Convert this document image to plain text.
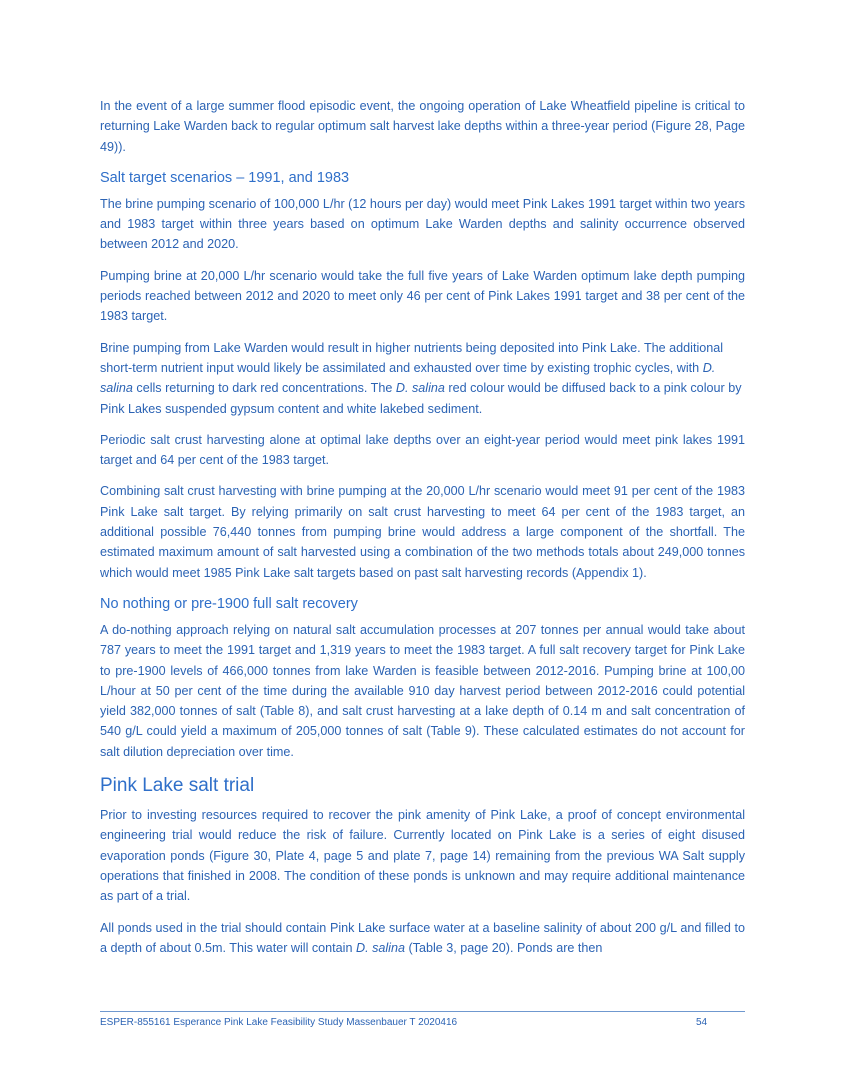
In the event of a large summer flood episodic event, the ongoing operation of Lake Wheatfield pipeline is critical to returning Lake Warden back to regular optimum salt harvest lake depths within a three-year period (Figure 28, Page 49)).

Salt target scenarios – 1991, and 1983

The brine pumping scenario of 100,000 L/hr (12 hours per day) would meet Pink Lakes 1991 target within two years and 1983 target within three years based on optimum Lake Warden depths and salinity occurrence observed between 2012 and 2020.

Pumping brine at 20,000 L/hr scenario would take the full five years of Lake Warden optimum lake depth pumping periods reached between 2012 and 2020 to meet only 46 per cent of Pink Lakes 1991 target and 38 per cent of the 1983 target.

Brine pumping from Lake Warden would result in higher nutrients being deposited into Pink Lake. The additional short-term nutrient input would likely be assimilated and exhausted over time by existing trophic cycles, with D. salina cells returning to dark red concentrations. The D. salina red colour would be diffused back to a pink colour by Pink Lakes suspended gypsum content and white lakebed sediment.

Periodic salt crust harvesting alone at optimal lake depths over an eight-year period would meet pink lakes 1991 target and 64 per cent of the 1983 target.

Combining salt crust harvesting with brine pumping at the 20,000 L/hr scenario would meet 91 per cent of the 1983 Pink Lake salt target. By relying primarily on salt crust harvesting to meet 64 per cent of the 1983 target, an additional possible 76,440 tonnes from pumping brine would address a large component of the shortfall. The estimated maximum amount of salt harvested using a combination of the two methods totals about 249,000 tonnes which would meet 1985 Pink Lake salt targets based on past salt harvesting records (Appendix 1).

No nothing or pre-1900 full salt recovery

A do-nothing approach relying on natural salt accumulation processes at 207 tonnes per annual would take about 787 years to meet the 1991 target and 1,319 years to meet the 1983 target. A full salt recovery target for Pink Lake to pre-1900 levels of 466,000 tonnes from lake Warden is feasible between 2012-2016. Pumping brine at 100,00 L/hour at 50 per cent of the time during the available 910 day harvest period between 2012-2016 could potential yield 382,000 tonnes of salt (Table 8), and salt crust harvesting at a lake depth of 0.14 m and salt concentration of 540 g/L could yield a maximum of 205,000 tonnes of salt (Table 9). These calculated estimates do not account for salt dilution depreciation over time.

Pink Lake salt trial

Prior to investing resources required to recover the pink amenity of Pink Lake, a proof of concept environmental engineering trial would reduce the risk of failure. Currently located on Pink Lake is a series of eight disused evaporation ponds (Figure 30, Plate 4, page 5 and plate 7, page 14) remaining from the previous WA Salt supply operations that finished in 2008. The condition of these ponds is unknown and may require additional maintenance as part of a trial.

All ponds used in the trial should contain Pink Lake surface water at a baseline salinity of about 200 g/L and filled to a depth of about 0.5m. This water will contain D. salina (Table 3, page 20). Ponds are then

ESPER-855161 Esperance Pink Lake Feasibility Study Massenbauer T 2020416	54
